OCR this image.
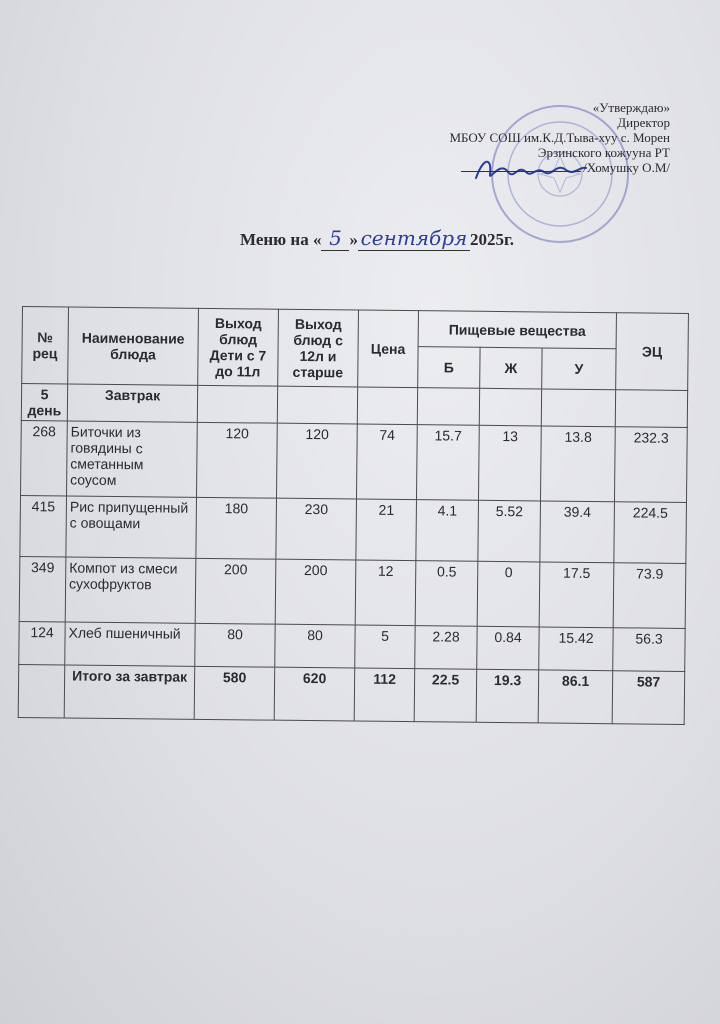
«Утверждаю»
Директор
МБОУ СОШ им.К.Д.Тыва-хуу с. Морен
Эрзинского кожууна РТ
/Хомушку О.М/
Меню на « 5 » сентября 2025г.
№ рец	Наименование блюда	Выход блюд Дети с 7 до 11л	Выход блюд с 12л и старше	Цена	Пищевые вещества			ЭЦ
					Б	Ж	У	
5 день	Завтрак							
268	Биточки из говядины с сметанным соусом	120	120	74	15.7	13	13.8	232.3
415	Рис припущенный с овощами	180	230	21	4.1	5.52	39.4	224.5
349	Компот из смеси сухофруктов	200	200	12	0.5	0	17.5	73.9
124	Хлеб пшеничный	80	80	5	2.28	0.84	15.42	56.3
	Итого за завтрак	580	620	112	22.5	19.3	86.1	587
